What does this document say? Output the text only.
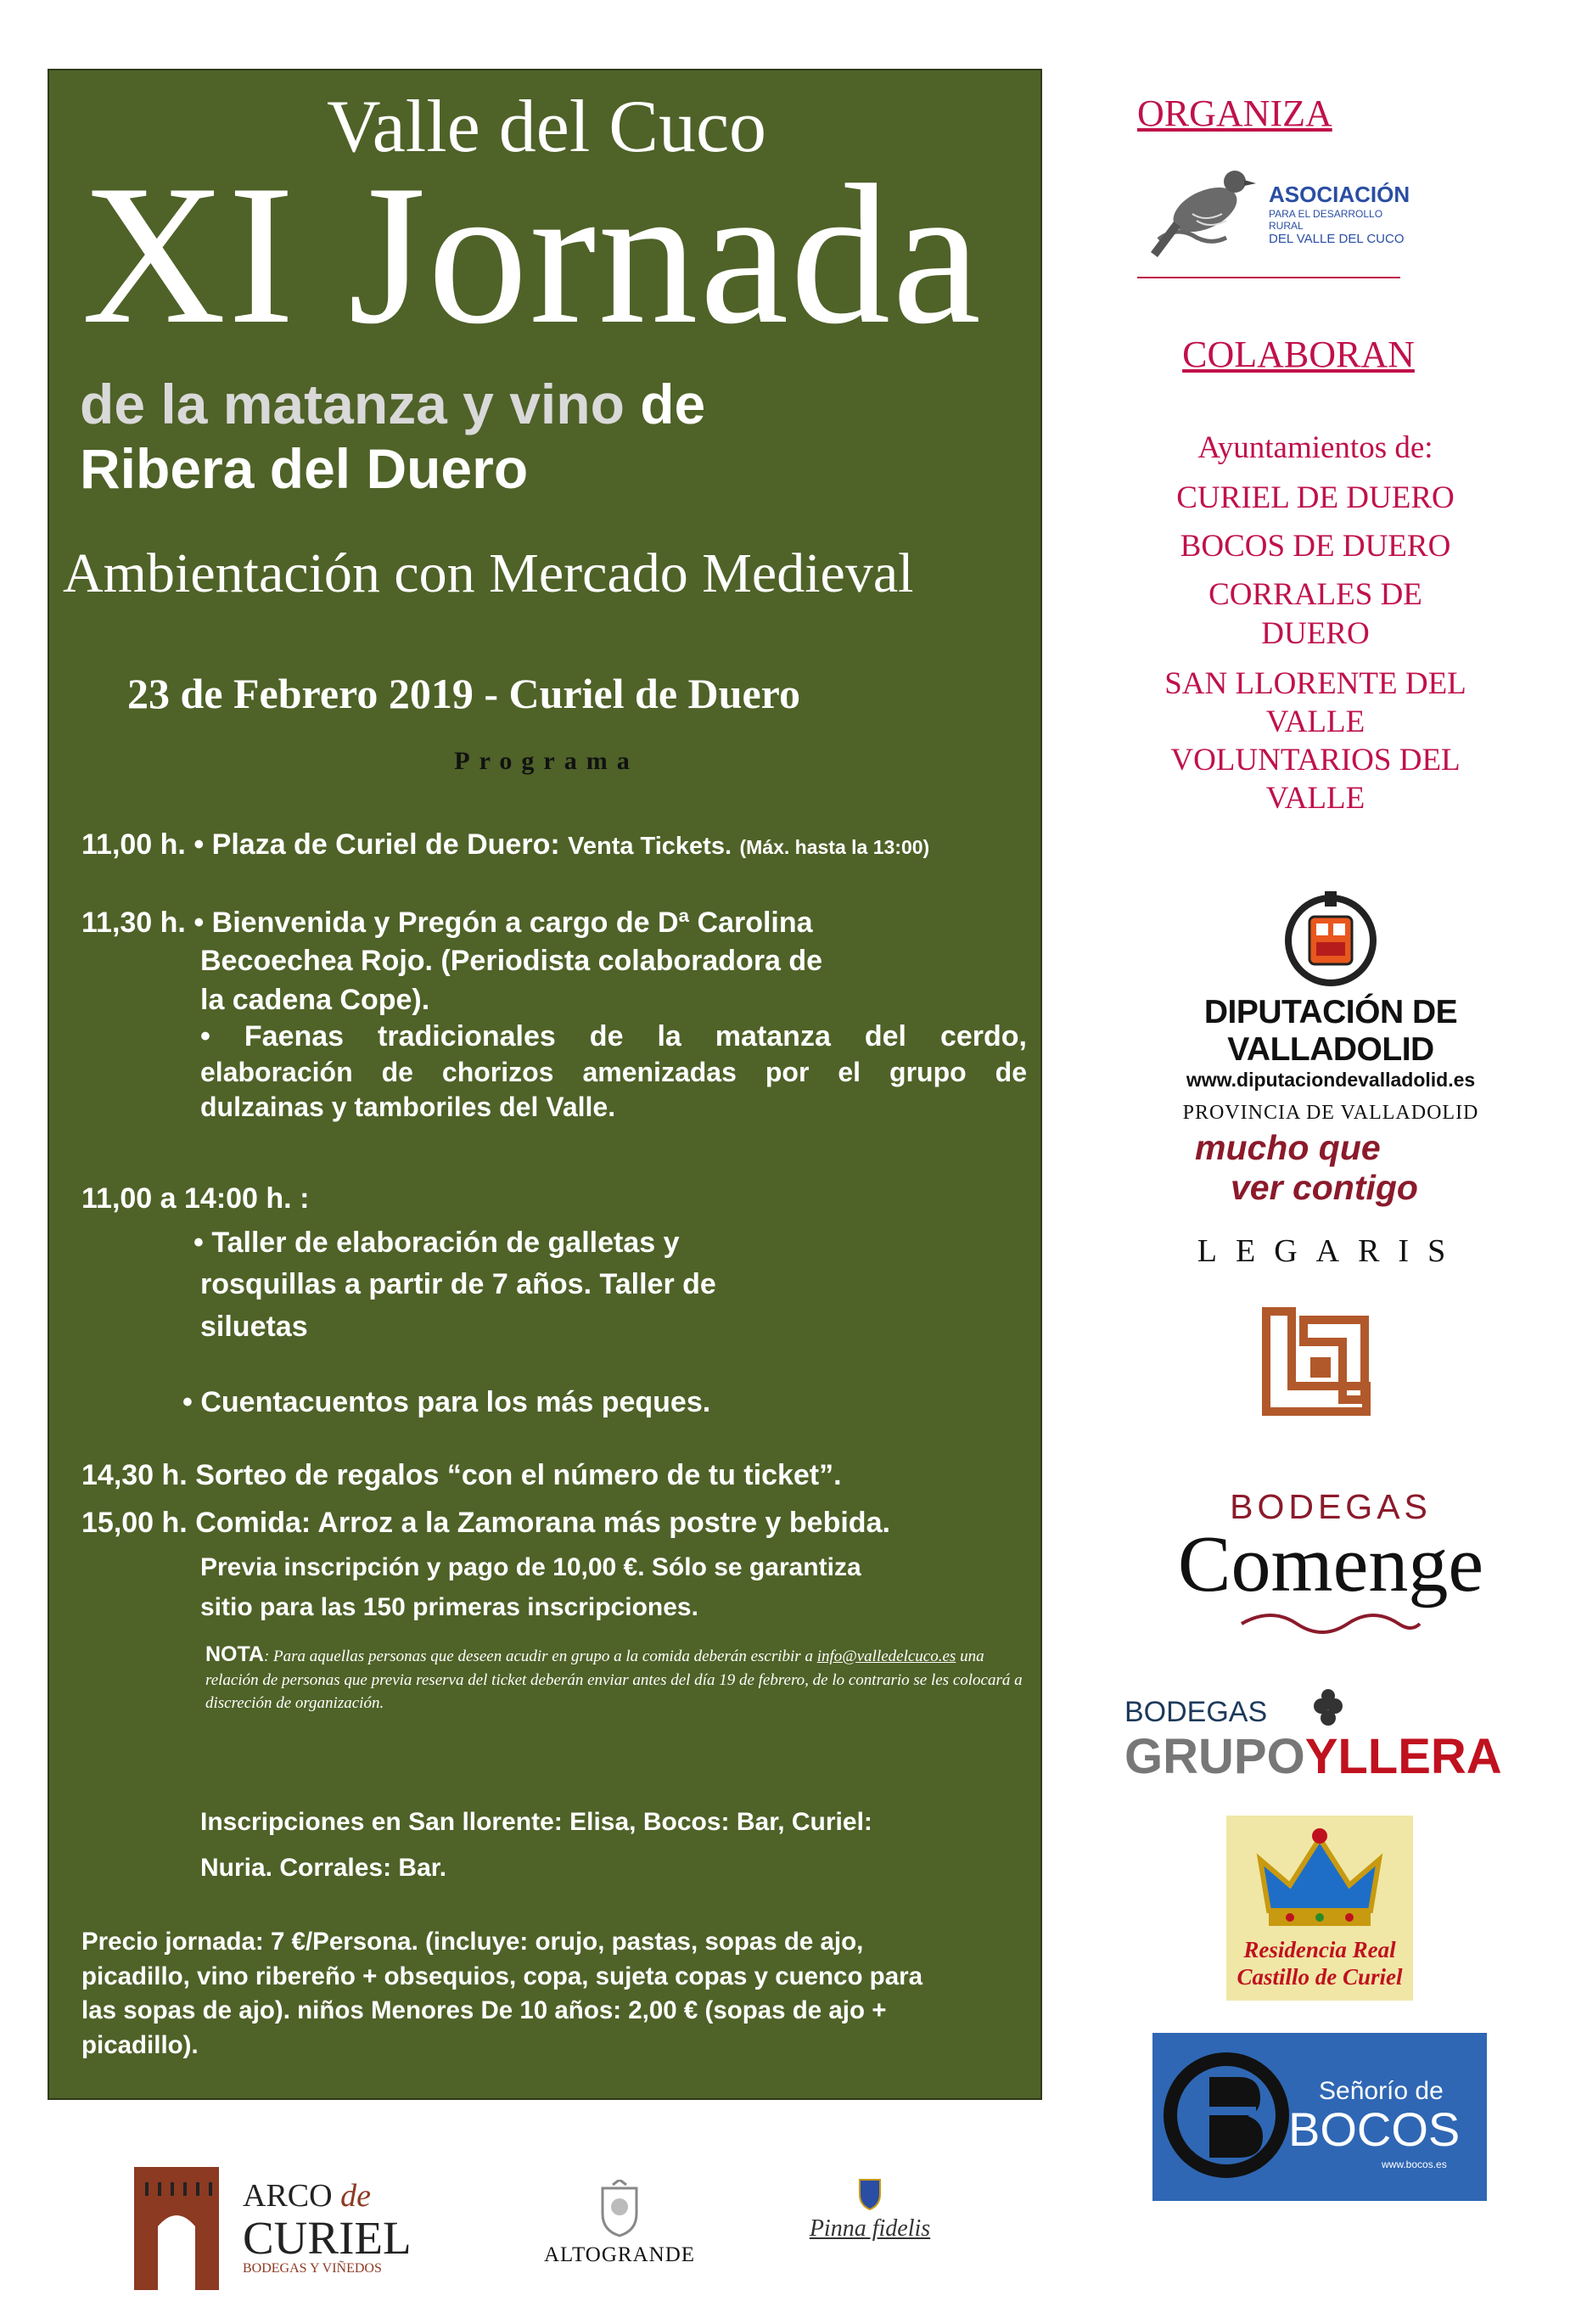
Valle del Cuco
XI Jornada
de la matanza y vino de
Ribera del Duero
Ambientación con Mercado Medieval
23 de Febrero 2019 - Curiel de Duero
Programa
11,00 h. • Plaza de Curiel de Duero: Venta Tickets. (Máx. hasta la 13:00)
11,30 h. • Bienvenida y Pregón a cargo de Dª Carolina
Becoechea Rojo. (Periodista colaboradora de
la cadena Cope).
• Faenas tradicionales de la matanza del cerdo,
elaboración de chorizos amenizadas por el grupo de
dulzainas y tamboriles del Valle.
11,00 a 14:00 h. :
• Taller de elaboración de galletas y
rosquillas a partir de 7 años. Taller de
siluetas
• Cuentacuentos para los más peques.
14,30 h. Sorteo de regalos “con el número de tu ticket”.
15,00 h. Comida: Arroz a la Zamorana más postre y bebida.
Previa inscripción y pago de 10,00 €. Sólo se garantiza
sitio para las 150 primeras inscripciones.
NOTA: Para aquellas personas que deseen acudir en grupo a la comida deberán escribir a info@valledelcuco.es una relación de personas que previa reserva del ticket deberán enviar antes del día 19 de febrero, de lo contrario se les colocará a discreción de organización.
Inscripciones en San llorente: Elisa, Bocos: Bar, Curiel:
Nuria. Corrales: Bar.
Precio jornada: 7 €/Persona. (incluye: orujo, pastas, sopas de ajo,
picadillo, vino ribereño + obsequios, copa, sujeta copas y cuenco para
las sopas de ajo). niños Menores De 10 años: 2,00 € (sopas de ajo +
picadillo).
ORGANIZA
ASOCIACIÓN
PARA EL DESARROLLO RURAL
DEL VALLE DEL CUCO
COLABORAN
Ayuntamientos de:
CURIEL DE DUERO
BOCOS DE DUERO
CORRALES DE
DUERO
SAN LLORENTE DEL
VALLE
VOLUNTARIOS DEL
VALLE
DIPUTACIÓN DE VALLADOLID
www.diputaciondevalladolid.es
PROVINCIA DE VALLADOLID
mucho que
ver contigo
LEGARIS
BODEGAS
Comenge
BODEGAS
GRUPOYLLERA
Residencia Real
Castillo de Curiel
Señorío de
BOCOS
www.bocos.es
ARCO de
CURIEL
BODEGAS Y VIÑEDOS
ALTOGRANDE
Pinna fidelis
